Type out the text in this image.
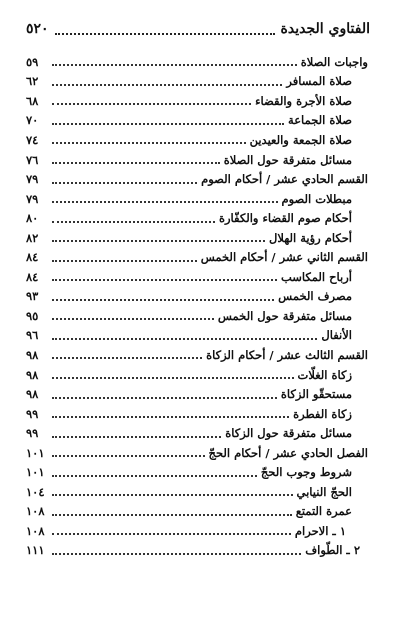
٥٢٠	الفتاوي الجديدة
٥٩	واجبات الصلاة
٦٢	صلاة المسافر
٦٨	صلاة الأجرة والقضاء
٧٠	صلاة الجماعة
٧٤	صلاة الجمعة والعيدين
٧٦	مسائل متفرقة حول الصلاة
٧٩	القسم الحادي عشر / أحكام الصوم
٧٩	مبطلات الصوم
٨٠	أحكام صوم القضاء والكفّارة
٨٢	أحكام رؤية الهلال
٨٤	القسم الثاني عشر / أحكام الخمس
٨٤	أرباح المكاسب
٩٣	مصرف الخمس
٩٥	مسائل متفرقة حول الخمس
٩٦	الأنفال
٩٨	القسم الثالث عشر / أحكام الزكاة
٩٨	زكاة الغلّات
٩٨	مستحقّو الزكاة
٩٩	زكاة الفطرة
٩٩	مسائل متفرقة حول الزكاة
١٠١	الفصل الحادي عشر / أحكام الحجّ
١٠١	شروط وجوب الحجّ
١٠٤	الحجّ النيابي
١٠٨	عمرة التمتع
١٠٨	١ ـ الاحرام
١١١	٢ ـ الطّواف
